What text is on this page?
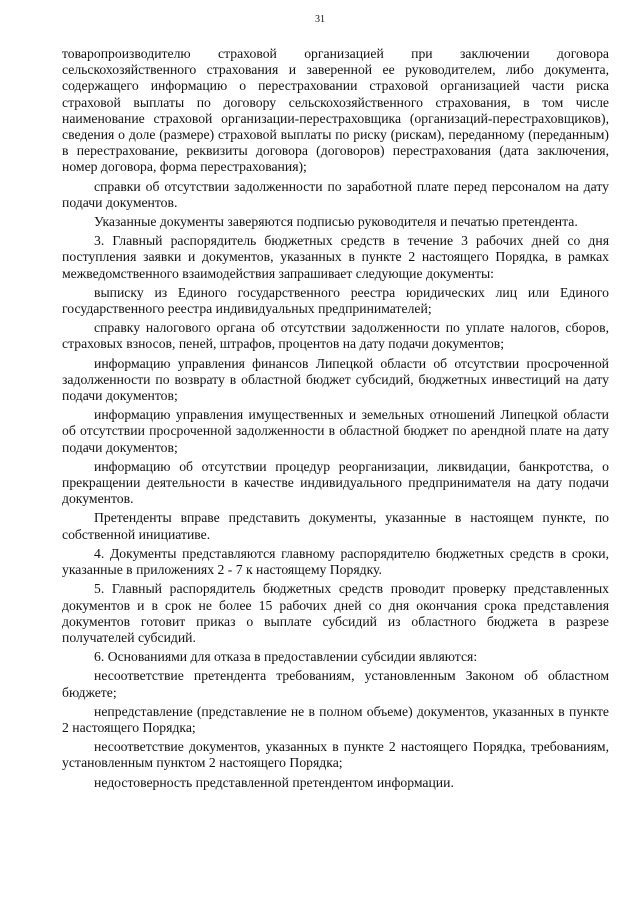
31

товаропроизводителю страховой организацией при заключении договора сельскохозяйственного страхования и заверенной ее руководителем, либо документа, содержащего информацию о перестраховании страховой организацией части риска страховой выплаты по договору сельскохозяйственного страхования, в том числе наименование страховой организации-перестраховщика (организаций-перестраховщиков), сведения о доле (размере) страховой выплаты по риску (рискам), переданному (переданным) в перестрахование, реквизиты договора (договоров) перестрахования (дата заключения, номер договора, форма перестрахования);

справки об отсутствии задолженности по заработной плате перед персоналом на дату подачи документов.

Указанные документы заверяются подписью руководителя и печатью претендента.

3. Главный распорядитель бюджетных средств в течение 3 рабочих дней со дня поступления заявки и документов, указанных в пункте 2 настоящего Порядка, в рамках межведомственного взаимодействия запрашивает следующие документы:

выписку из Единого государственного реестра юридических лиц или Единого государственного реестра индивидуальных предпринимателей;

справку налогового органа об отсутствии задолженности по уплате налогов, сборов, страховых взносов, пеней, штрафов, процентов на дату подачи документов;

информацию управления финансов Липецкой области об отсутствии просроченной задолженности по возврату в областной бюджет субсидий, бюджетных инвестиций на дату подачи документов;

информацию управления имущественных и земельных отношений Липецкой области об отсутствии просроченной задолженности в областной бюджет по арендной плате на дату подачи документов;

информацию об отсутствии процедур реорганизации, ликвидации, банкротства, о прекращении деятельности в качестве индивидуального предпринимателя на дату подачи документов.

Претенденты вправе представить документы, указанные в настоящем пункте, по собственной инициативе.

4. Документы представляются главному распорядителю бюджетных средств в сроки, указанные в приложениях 2 - 7 к настоящему Порядку.

5. Главный распорядитель бюджетных средств проводит проверку представленных документов и в срок не более 15 рабочих дней со дня окончания срока представления документов готовит приказ о выплате субсидий из областного бюджета в разрезе получателей субсидий.

6. Основаниями для отказа в предоставлении субсидии являются:

несоответствие претендента требованиям, установленным Законом об областном бюджете;

непредставление (представление не в полном объеме) документов, указанных в пункте 2 настоящего Порядка;

несоответствие документов, указанных в пункте 2 настоящего Порядка, требованиям, установленным пунктом 2 настоящего Порядка;

недостоверность представленной претендентом информации.
